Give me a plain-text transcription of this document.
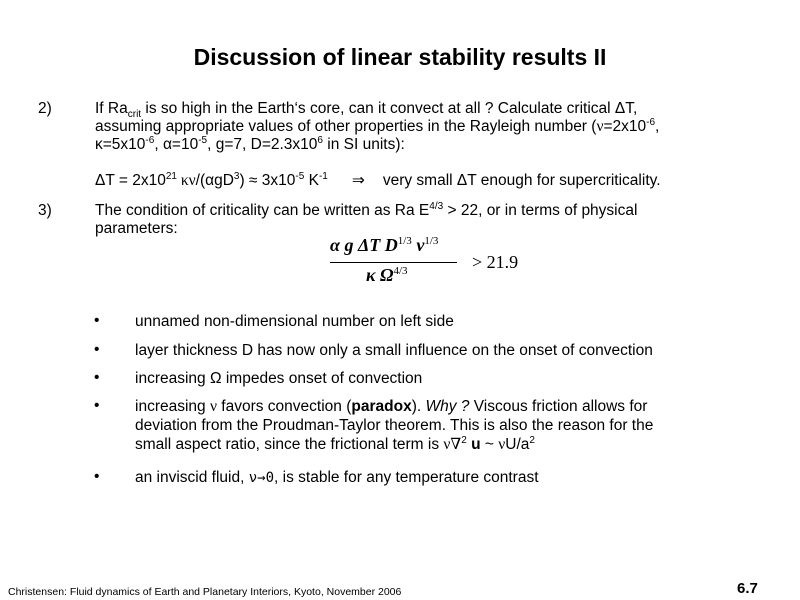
Discussion of linear stability results II
2)	If $Ra_{crit}$ is so high in the Earth‘s core, can it convect at all ? Calculate critical ΔT,
assuming appropriate values of other properties in the Rayleigh number ($\nu=2x10^{-6}$,
$\kappa=5x10^{-6}$, $\alpha=10^{-5}$, g=7, $D=2.3x10^6$ in SI units):
$\Delta T = 2x10^{21}$ $\kappa\nu/(\alpha gD^3) \approx 3x10^{-5}$ $K^{-1}$ ⇒ very small ΔT enough for supercriticality.
3)	The condition of criticality can be written as Ra $E^{4/3} > 22$, or in terms of physical
parameters:
α g ΔT $D^{1/3}$ $\nu^{1/3}$
κ $\Omega^{4/3}$	> 21.9
• unnamed non-dimensional number on left side
• layer thickness D has now only a small influence on the onset of convection
• increasing Ω impedes onset of convection
• increasing ν favors convection (paradox). Why ? Viscous friction allows for
deviation from the Proudman-Taylor theorem. This is also the reason for the
small aspect ratio, since the frictional term is ν∇$^2$ u ~ $\nu U/a^2$
• an inviscid fluid, ν→0, is stable for any temperature contrast
Christensen: Fluid dynamics of Earth and Planetary Interiors, Kyoto, November 2006	6.7
